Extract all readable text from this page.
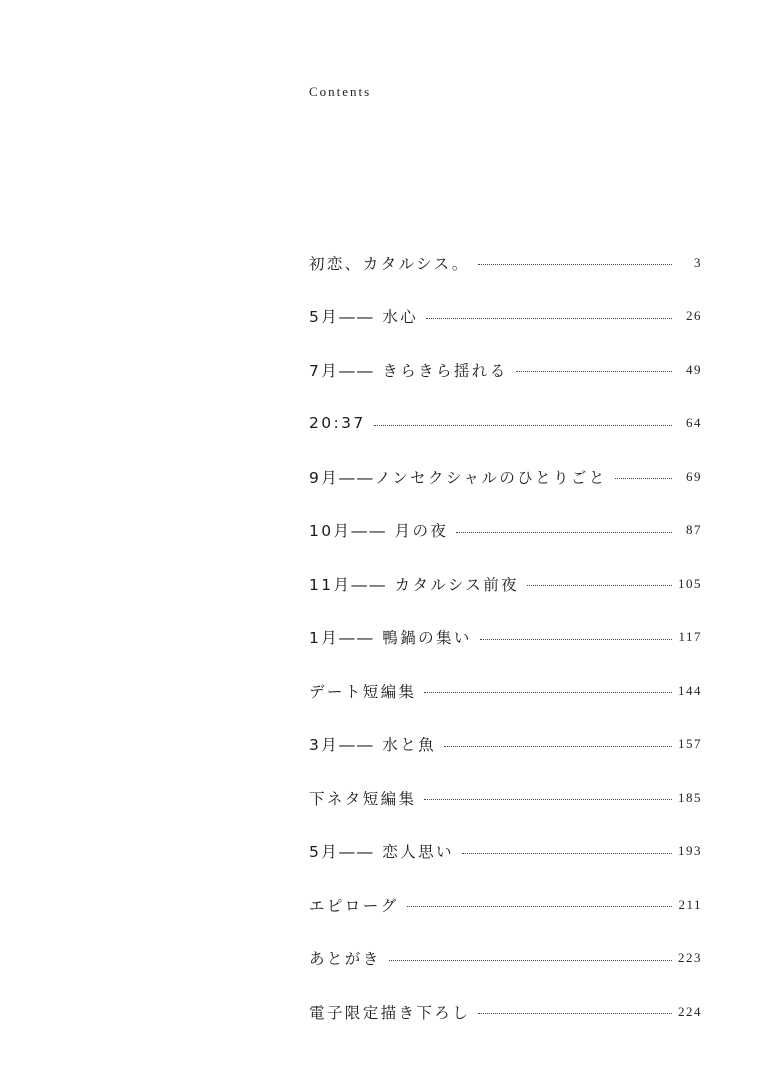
Contents
初恋、カタルシス。	3
5月―― 水心	26
7月―― きらきら揺れる	49
20:37	64
9月――ノンセクシャルのひとりごと	69
10月―― 月の夜	87
11月―― カタルシス前夜	105
1月―― 鴨鍋の集い	117
デート短編集	144
3月―― 水と魚	157
下ネタ短編集	185
5月―― 恋人思い	193
エピローグ	211
あとがき	223
電子限定描き下ろし	224
